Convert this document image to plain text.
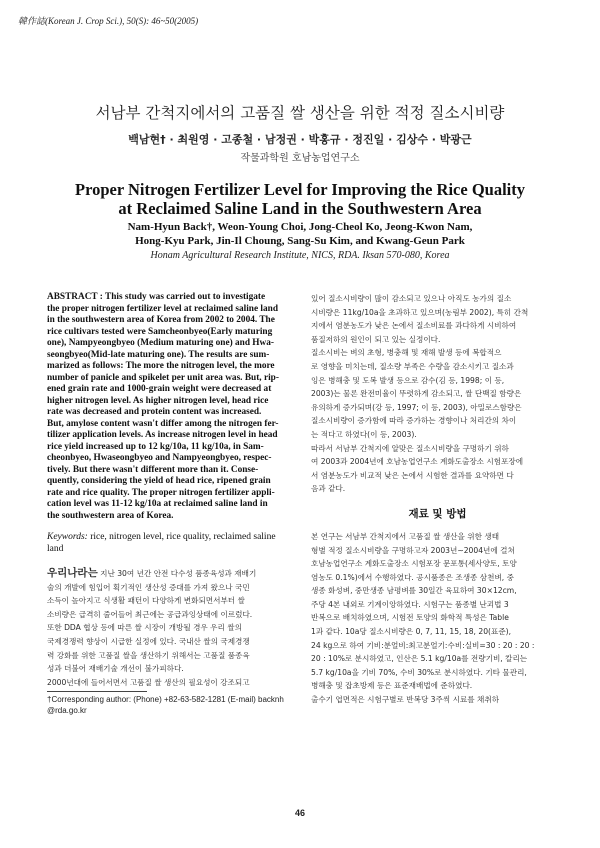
韓作誌(Korean J. Crop Sci.), 50(S): 46~50(2005)
서남부 간척지에서의 고품질 쌀 생산을 위한 적정 질소시비량
백남현† · 최원영 · 고종철 · 남정권 · 박홍규 · 정진일 · 김상수 · 박광근
작물과학원 호남농업연구소
Proper Nitrogen Fertilizer Level for Improving the Rice Quality
at Reclaimed Saline Land in the Southwestern Area
Nam-Hyun Back†, Weon-Young Choi, Jong-Cheol Ko, Jeong-Kwon Nam,
Hong-Kyu Park, Jin-Il Choung, Sang-Su Kim, and Kwang-Geun Park
Honam Agricultural Research Institute, NICS, RDA. Iksan 570-080, Korea
ABSTRACT : This study was carried out to investigate
the proper nitrogen fertilizer level at reclaimed saline land
in the southwestern area of Korea from 2002 to 2004. The
rice cultivars tested were Samcheonbyeo(Early maturing
one), Nampyeongbyeo (Medium maturing one) and Hwa-
seongbyeo(Mid-late maturing one). The results are sum-
marized as follows: The more the nitrogen level, the more
number of panicle and spikelet per unit area was. But, rip-
ened grain rate and 1000-grain weight were decreased at
higher nitrogen level. As higher nitrogen level, head rice
rate was decreased and protein content was increased.
But, amylose content wasn't differ among the nitrogen fer-
tilizer application levels. As increase nitrogen level in head
rice yield increased up to 12 kg/10a, 11 kg/10a, in Sam-
cheonbyeo, Hwaseongbyeo and Nampyeongbyeo, respec-
tively. But there wasn't different more than it. Conse-
quently, considering the yield of head rice, ripened grain
rate and rice quality. The proper nitrogen fertilizer appli-
cation level was 11-12 kg/10a at reclaimed saline land in
the southwestern area of Korea.
Keywords: rice, nitrogen level, rice quality, reclaimed saline
land
우리나라는 지난 30여 년간 안전 다수성 품종육성과 재배기
술의 개발에 힘입어 획기적인 생산성 증대를 가져 왔으나 국민
소득이 높아지고 식생활 패턴이 다양하게 변화되면서부터 쌀
소비량은 급격히 줄어들어 최근에는 공급과잉상태에 이르렀다.
또한 DDA 협상 등에 따른 쌀 시장이 개방될 경우 우리 쌀의
국제경쟁력 향상이 시급한 실정에 있다. 국내산 쌀의 국제경쟁
력 강화를 위한 고품질 쌀을 생산하기 위해서는 고품질 품종육
성과 더불어 재배기술 개선이 불가피하다.
2000년대에 들어서면서 고품질 쌀 생산의 필요성이 강조되고
†Corresponding author: (Phone) +82-63-582-1281 (E-mail) backnh
@rda.go.kr
있어 질소시비량이 많이 감소되고 있으나 아직도 농가의 질소
시비량은 11kg/10a을 초과하고 있으며(농림부 2002), 특히 간척
지에서 염분농도가 낮은 논에서 질소비료를 과다하게 시비하여
품질저하의 원인이 되고 있는 실정이다.
질소시비는 벼의 초형, 병충해 및 재해 발생 등에 복합적으
로 영향을 미치는데, 질소량 부족은 수량을 감소시키고 질소과
잉은 병해충 및 도복 발생 등으로 감수(김 등, 1998; 이 등,
2003)는 물론 완전미율이 뚜렷하게 감소되고, 쌀 단백질 함량은
유의하게 증가되며(강 등, 1997; 이 등, 2003), 아밀로스함량은
질소시비량이 증가함에 따라 증가하는 경향이나 처리간의 차이
는 적다고 하였다(이 등, 2003).
따라서 서남부 간척지에 알맞은 질소시비량을 구명하기 위하
여 2003과 2004년에 호남농업연구소 계화도출장소 시험포장에
서 염분농도가 비교적 낮은 논에서 시험한 결과를 요약하면 다
음과 같다.
재료 및 방법
본 연구는 서남부 간척지에서 고품질 쌀 생산을 위한 생태
형별 적정 질소시비량을 구명하고자 2003년~2004년에 걸쳐
호남농업연구소 계화도출장소 시험포장 문포통(세사양토, 토양
염농도 0.1%)에서 수행하였다. 공시품종은 조생종 삼천벼, 중
생종 화성벼, 중만생종 남평벼를 30일간 육묘하여 30×12cm,
주당 4본 내외로 기계이앙하였다. 시험구는 품종별 난괴법 3
반복으로 배치하였으며, 시험전 토양의 화학적 특성은 Table
1과 같다. 10a당 질소시비량은 0, 7, 11, 15, 18, 20(표준),
24 kg으로 하여 기비:분얼비:최고분얼기:수비:실비=30 : 20 : 20 :
20 : 10%로 분시하였고, 인산은 5.1 kg/10a를 전량기비, 칼리는
5.7 kg/10a을 기비 70%, 수비 30%로 분시하였다. 기타 물관리,
병해충 및 잡초방제 등은 표준재배법에 준하였다.
출수기 엽면적은 시험구별로 반복당 3주씩 시료를 채취하
46
